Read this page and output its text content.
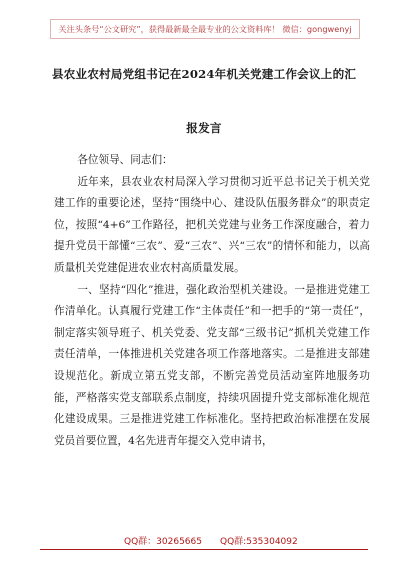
关注头条号“公文研究”，获得最新最全最专业的公文资料库！ 微信：gongwenyj
县农业农村局党组书记在2024年机关党建工作会议上的汇
报发言

各位领导、同志们：

近年来，县农业农村局深入学习贯彻习近平总书记关于机关党建工作的重要论述，坚持“围绕中心、建设队伍服务群众”的职责定位，按照“4+6”工作路径，把机关党建与业务工作深度融合，着力提升党员干部懂“三农”、爱“三农”、兴“三农”的情怀和能力，以高质量机关党建促进农业农村高质量发展。

一、坚持“四化”推进，强化政治型机关建设。一是推进党建工作清单化。认真履行党建工作“主体责任”和一把手的“第一责任”，制定落实领导班子、机关党委、党支部“三级书记”抓机关党建工作责任清单，一体推进机关党建各项工作落地落实。二是推进支部建设规范化。新成立第五党支部，不断完善党员活动室阵地服务功能，严格落实党支部联系点制度，持续巩固提升党支部标准化规范化建设成果。三是推进党建工作标准化。坚持把政治标准摆在发展党员首要位置，4名先进青年提交入党申请书，

QQ群：30265665 QQ群:535304092
